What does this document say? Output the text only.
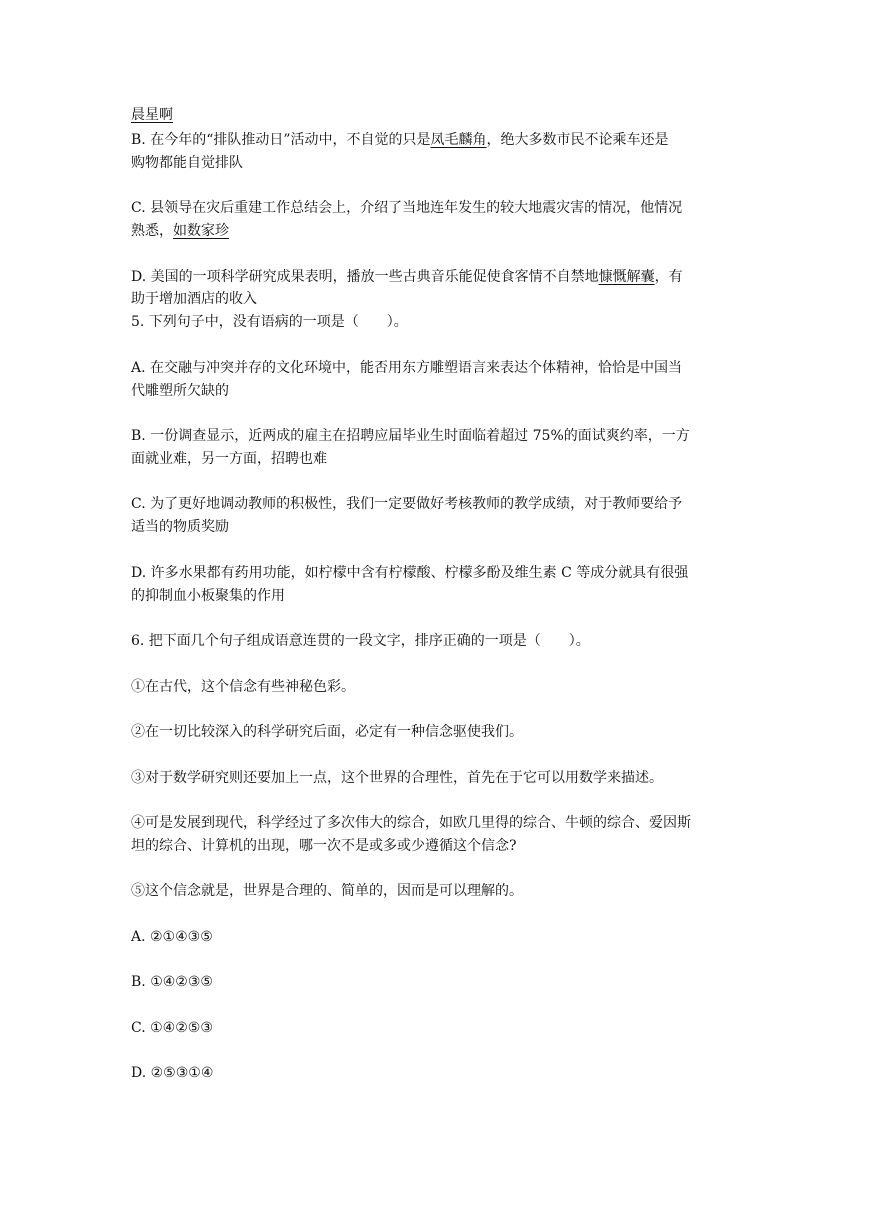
晨星啊
B. 在今年的“排队推动日”活动中，不自觉的只是凤毛麟角，绝大多数市民不论乘车还是
购物都能自觉排队
C. 县领导在灾后重建工作总结会上，介绍了当地连年发生的较大地震灾害的情况，他情况
熟悉，如数家珍
D. 美国的一项科学研究成果表明，播放一些古典音乐能促使食客情不自禁地慷慨解囊，有
助于增加酒店的收入
5. 下列句子中，没有语病的一项是（　　）。
A. 在交融与冲突并存的文化环境中，能否用东方雕塑语言来表达个体精神，恰恰是中国当
代雕塑所欠缺的
B. 一份调查显示，近两成的雇主在招聘应届毕业生时面临着超过 75%的面试爽约率，一方
面就业难，另一方面，招聘也难
C. 为了更好地调动教师的积极性，我们一定要做好考核教师的教学成绩，对于教师要给予
适当的物质奖励
D. 许多水果都有药用功能，如柠檬中含有柠檬酸、柠檬多酚及维生素 C 等成分就具有很强
的抑制血小板聚集的作用
6. 把下面几个句子组成语意连贯的一段文字，排序正确的一项是（　　）。
①在古代，这个信念有些神秘色彩。
②在一切比较深入的科学研究后面，必定有一种信念驱使我们。
③对于数学研究则还要加上一点，这个世界的合理性，首先在于它可以用数学来描述。
④可是发展到现代，科学经过了多次伟大的综合，如欧几里得的综合、牛顿的综合、爱因斯
坦的综合、计算机的出现，哪一次不是或多或少遵循这个信念?
⑤这个信念就是，世界是合理的、简单的，因而是可以理解的。
A. ②①④③⑤
B. ①④②③⑤
C. ①④②⑤③
D. ②⑤③①④
